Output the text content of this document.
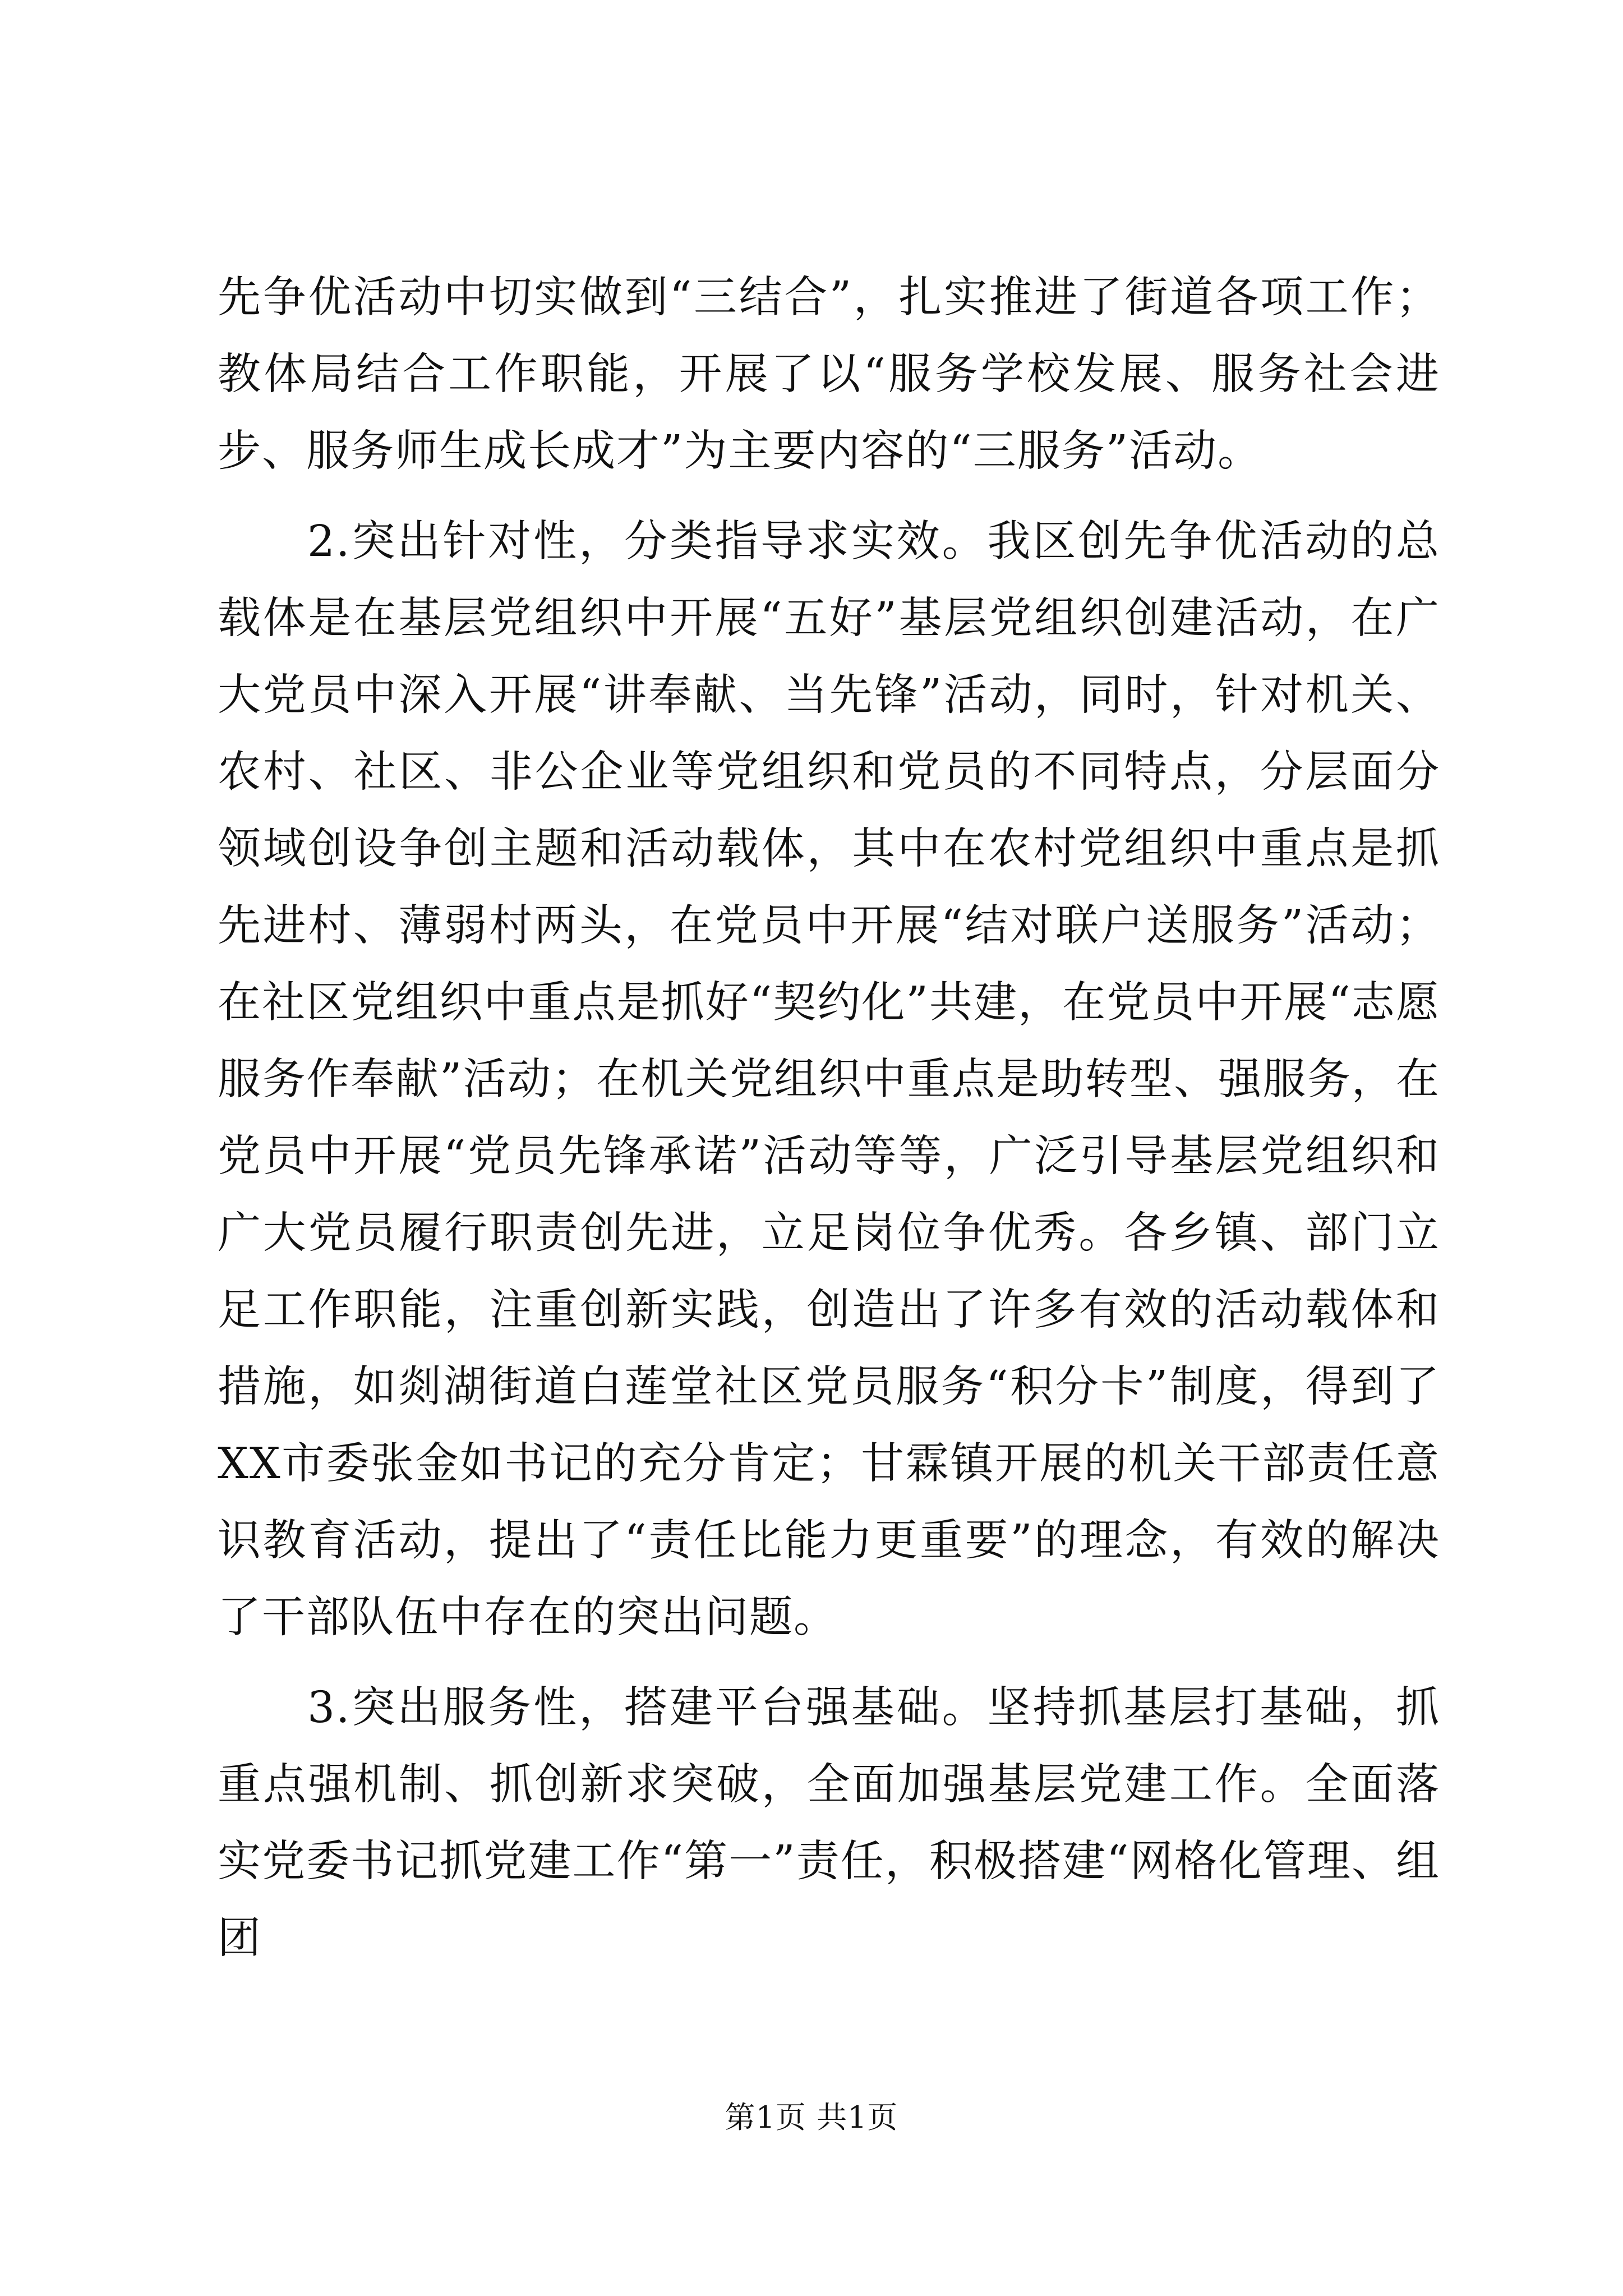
先争优活动中切实做到“三结合”，扎实推进了街道各项工作；教体局结合工作职能，开展了以“服务学校发展、服务社会进步、服务师生成长成才”为主要内容的“三服务”活动。

2.突出针对性，分类指导求实效。我区创先争优活动的总载体是在基层党组织中开展“五好”基层党组织创建活动，在广大党员中深入开展“讲奉献、当先锋”活动，同时，针对机关、农村、社区、非公企业等党组织和党员的不同特点，分层面分领域创设争创主题和活动载体，其中在农村党组织中重点是抓先进村、薄弱村两头，在党员中开展“结对联户送服务”活动；在社区党组织中重点是抓好“契约化”共建，在党员中开展“志愿服务作奉献”活动；在机关党组织中重点是助转型、强服务，在党员中开展“党员先锋承诺”活动等等，广泛引导基层党组织和广大党员履行职责创先进，立足岗位争优秀。各乡镇、部门立足工作职能，注重创新实践，创造出了许多有效的活动载体和措施，如剡湖街道白莲堂社区党员服务“积分卡”制度，得到了XX市委张金如书记的充分肯定；甘霖镇开展的机关干部责任意识教育活动，提出了“责任比能力更重要”的理念，有效的解决了干部队伍中存在的突出问题。

3.突出服务性，搭建平台强基础。坚持抓基层打基础，抓重点强机制、抓创新求突破，全面加强基层党建工作。全面落实党委书记抓党建工作“第一”责任，积极搭建“网格化管理、组团

第1页 共1页
